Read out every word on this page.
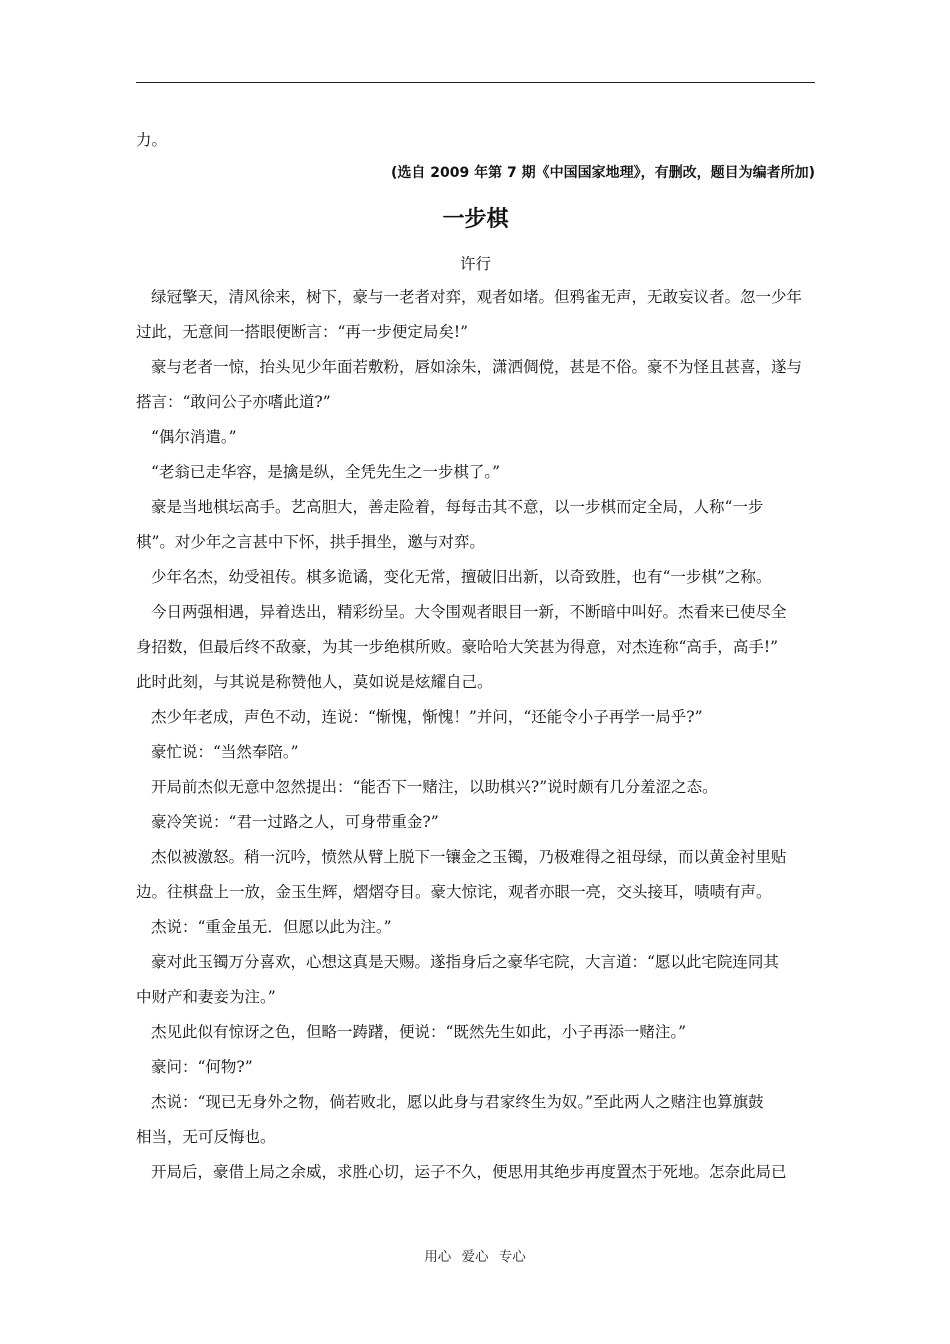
力。
(选自 2009 年第 7 期《中国国家地理》，有删改，题目为编者所加)
一步棋
许行
绿冠擎天，清风徐来，树下，豪与一老者对弈，观者如堵。但鸦雀无声，无敢妄议者。忽一少年
过此，无意间一搭眼便断言：“再一步便定局矣!”
豪与老者一惊，抬头见少年面若敷粉，唇如涂朱，潇洒倜傥，甚是不俗。豪不为怪且甚喜，遂与
搭言：“敢问公子亦嗜此道?”
“偶尔消遣。”
“老翁已走华容，是擒是纵，全凭先生之一步棋了。”
豪是当地棋坛高手。艺高胆大，善走险着，每每击其不意，以一步棋而定全局，人称“一步
棋”。对少年之言甚中下怀，拱手揖坐，邀与对弈。
少年名杰，幼受祖传。棋多诡谲，变化无常，擅破旧出新，以奇致胜，也有“一步棋”之称。
今日两强相遇，异着迭出，精彩纷呈。大令围观者眼目一新，不断暗中叫好。杰看来已使尽全
身招数，但最后终不敌豪，为其一步绝棋所败。豪哈哈大笑甚为得意，对杰连称“高手，高手!”
此时此刻，与其说是称赞他人，莫如说是炫耀自己。
杰少年老成，声色不动，连说：“惭愧，惭愧！”并问，“还能令小子再学一局乎?”
豪忙说：“当然奉陪。”
开局前杰似无意中忽然提出：“能否下一赌注，以助棋兴?”说时颇有几分羞涩之态。
豪冷笑说：“君一过路之人，可身带重金?”
杰似被激怒。稍一沉吟，愤然从臂上脱下一镶金之玉镯，乃极难得之祖母绿，而以黄金衬里贴
边。往棋盘上一放，金玉生辉，熠熠夺目。豪大惊诧，观者亦眼一亮，交头接耳，啧啧有声。
杰说：“重金虽无．但愿以此为注。”
豪对此玉镯万分喜欢，心想这真是天赐。遂指身后之豪华宅院，大言道：“愿以此宅院连同其
中财产和妻妾为注。”
杰见此似有惊讶之色，但略一踌躇，便说：“既然先生如此，小子再添一赌注。”
豪问：“何物?”
杰说：“现已无身外之物，倘若败北，愿以此身与君家终生为奴。”至此两人之赌注也算旗鼓
相当，无可反悔也。
开局后，豪借上局之余威，求胜心切，运子不久，便思用其绝步再度置杰于死地。怎奈此局已
用心 爱心 专心
